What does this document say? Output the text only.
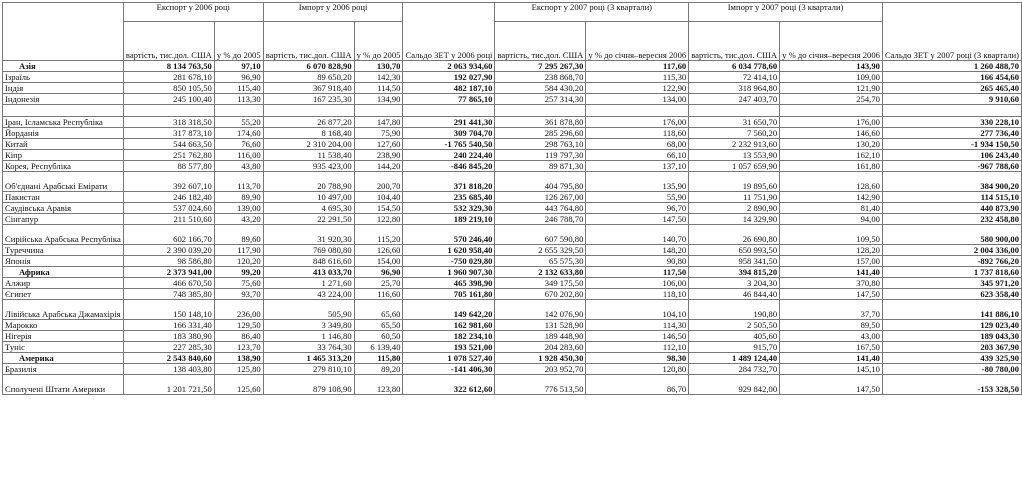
	Експорт у 2006 році		Імпорт у 2006 році		Сальдо ЗЕТ у 2006 році	Експорт у 2007 році (3 квартали)		Імпорт у 2007 році (3 квартали)		Сальдо ЗЕТ у 2007 році (3 квартали)
	вартість, тис.дол. США	у % до 2005	вартість, тис.дол. США	у % до 2005		вартість, тис.дол. США	у % до січня–вересня 2006	вартість, тис.дол. США	у % до січня–вересня 2006	
Азія	8 134 763,50	97,10	6 070 828,90	130,70	2 063 934,60	7 295 267,30	117,60	6 034 778,60	143,90	1 260 488,70
Ізраїль	281 678,10	96,90	89 650,20	142,30	192 027,90	238 868,70	115,30	72 414,10	109,00	166 454,60
Індія	850 105,50	115,40	367 918,40	114,50	482 187,10	584 430,20	122,90	318 964,80	121,90	265 465,40
Індонезія	245 100,40	113,30	167 235,30	134,90	77 865,10	257 314,30	134,00	247 403,70	254,70	9 910,60

Іран, Ісламська Республіка	318 318,50	55,20	26 877,20	147,80	291 441,30	361 878,80	176,00	31 650,70	176,00	330 228,10
Йорданія	317 873,10	174,60	8 168,40	75,90	309 704,70	285 296,60	118,60	7 560,20	146,60	277 736,40
Китай	544 663,50	76,60	2 310 204,00	127,60	-1 765 540,50	298 763,10	68,00	2 232 913,60	130,20	-1 934 150,50
Кіпр	251 762,80	116,00	11 538,40	238,90	240 224,40	119 797,30	66,10	13 553,90	162,10	106 243,40
Корея, Республіка	88 577,80	43,80	935 423,00	144,20	-846 845,20	89 871,30	137,10	1 057 659,90	161,80	-967 788,60
Об'єднані Арабські Емірати	392 607,10	113,70	20 788,90	200,70	371 818,20	404 795,80	135,90	19 895,60	128,60	384 900,20
Пакистан	246 182,40	89,90	10 497,00	104,40	235 685,40	126 267,00	55,90	11 751,90	142,90	114 515,10
Саудівська Аравія	537 024,60	139,00	4 695,30	154,50	532 329,30	443 764,80	96,70	2 890,90	81,40	440 873,90
Сінгапур	211 510,60	43,20	22 291,50	122,80	189 219,10	246 788,70	147,50	14 329,90	94,00	232 458,80
Сирійська Арабська Республіка	602 166,70	89,60	31 920,30	115,20	570 246,40	607 590,80	140,70	26 690,80	109,50	580 900,00
Туреччина	2 390 039,20	117,90	769 080,80	126,60	1 620 958,40	2 655 329,50	148,20	650 993,50	128,20	2 004 336,00
Японія	98 586,80	120,20	848 616,60	154,00	-750 029,80	65 575,30	90,80	958 341,50	157,00	-892 766,20
Африка	2 373 941,00	99,20	413 033,70	96,90	1 960 907,30	2 132 633,80	117,50	394 815,20	141,40	1 737 818,60
Алжир	466 670,50	75,60	1 271,60	25,70	465 398,90	349 175,50	106,00	3 204,30	370,80	345 971,20
Єгипет	748 385,80	93,70	43 224,00	116,60	705 161,80	670 202,80	118,10	46 844,40	147,50	623 358,40
Лівійська Арабська Джамахірія	150 148,10	236,00	505,90	65,60	149 642,20	142 076,90	104,10	190,80	37,70	141 886,10
Марокко	166 331,40	129,50	3 349,80	65,50	162 981,60	131 528,90	114,30	2 505,50	89,50	129 023,40
Нігерія	183 380,90	86,40	1 146,80	60,50	182 234,10	189 448,90	146,50	405,60	43,00	189 043,30
Туніс	227 285,30	123,70	33 764,30	6 139,40	193 521,00	204 283,60	112,10	915,70	167,50	203 367,90
Америка	2 543 840,60	138,90	1 465 313,20	115,80	1 078 527,40	1 928 450,30	98,30	1 489 124,40	141,40	439 325,90
Бразилія	138 403,80	125,80	279 810,10	89,20	-141 406,30	203 952,70	120,80	284 732,70	145,10	-80 780,00
Сполучені Штати Америки	1 201 721,50	125,60	879 108,90	123,80	322 612,60	776 513,50	86,70	929 842,00	147,50	-153 328,50
